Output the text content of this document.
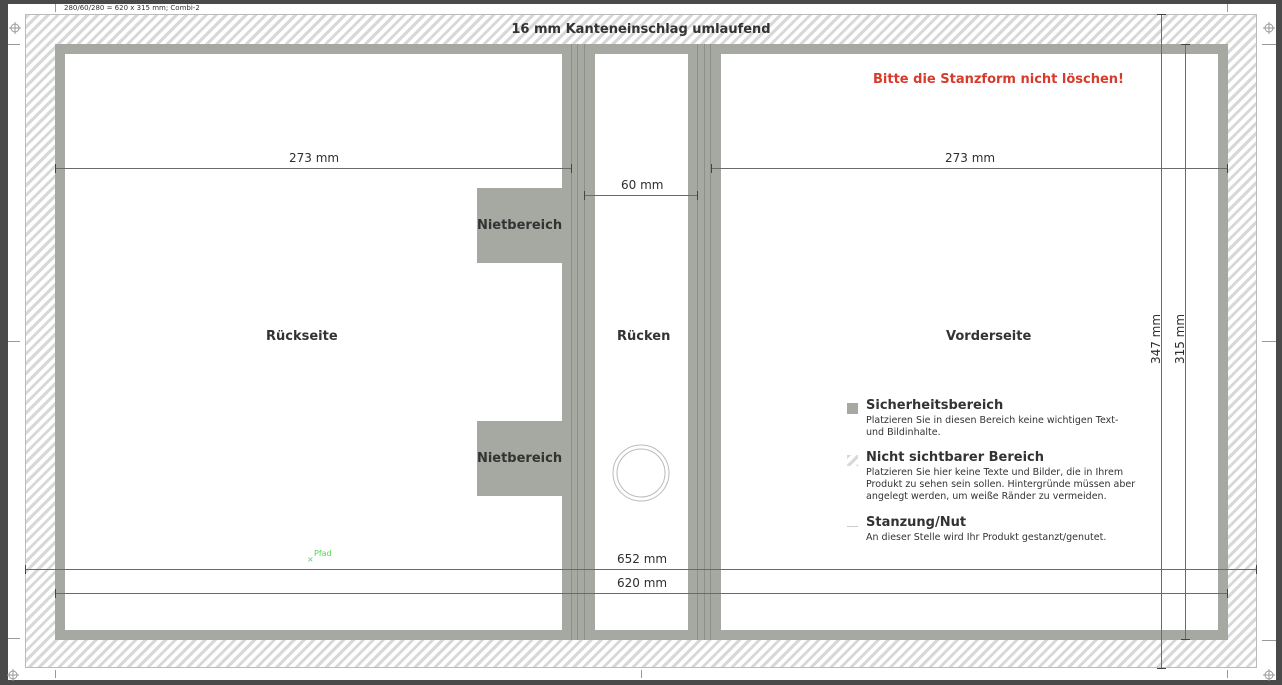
280/60/280 = 620 x 315 mm; Combi-2
Nietbereich
Nietbereich
16 mm Kanteneinschlag umlaufend
Bitte die Stanzform nicht löschen!
273 mm	273 mm
60 mm
Rückseite	Rücken	Vorderseite
652 mm
620 mm
347 mm 315 mm
×
Pfad
Sicherheitsbereich
Platzieren Sie in diesen Bereich keine wichtigen Text-
und Bildinhalte.
Nicht sichtbarer Bereich
Platzieren Sie hier keine Texte und Bilder, die in Ihrem
Produkt zu sehen sein sollen. Hintergründe müssen aber
angelegt werden, um weiße Ränder zu vermeiden.
Stanzung/Nut
An dieser Stelle wird Ihr Produkt gestanzt/genutet.
